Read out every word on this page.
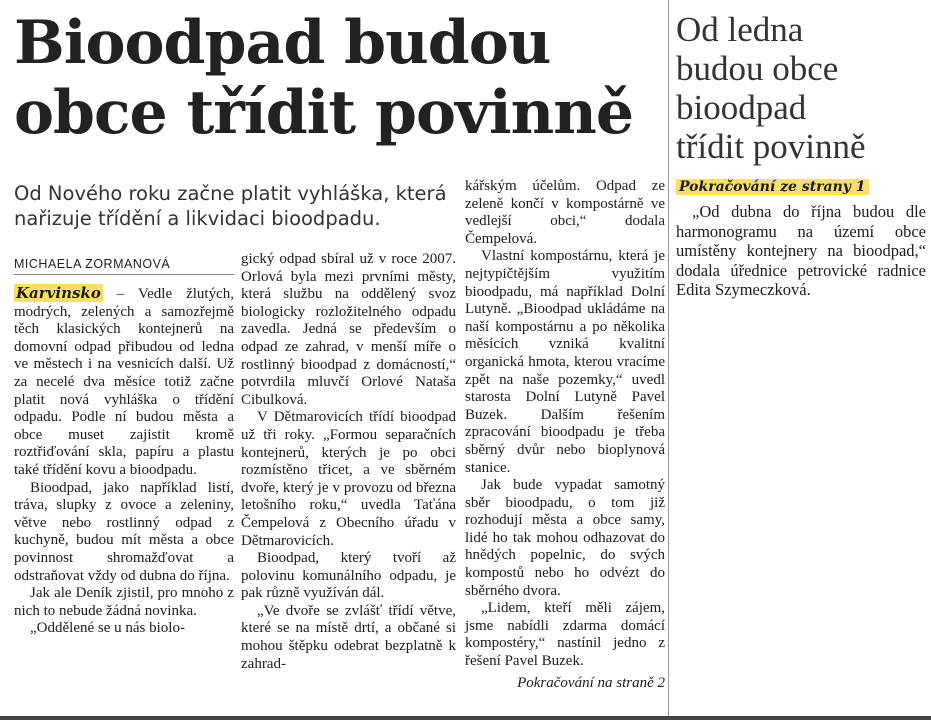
Bioodpad budou
obce třídit povinně
Od ledna
budou obce
bioodpad
třídit povinně
Od Nového roku začne platit vyhláška, která nařizuje třídění a likvidaci bioodpadu.
MICHAELA ZORMANOVÁ

Karvinsko – Vedle žlutých, modrých, zelených a samozřejmě těch klasických kontejnerů na domovní odpad přibudou od ledna ve městech i na vesnicích další. Už za necelé dva měsíce totiž začne platit nová vyhláška o třídění odpadu. Podle ní budou města a obce muset zajistit kromě roztřiďování skla, papíru a plastu také třídění kovu a bioodpadu.

Bioodpad, jako například listí, tráva, slupky z ovoce a zeleniny, větve nebo rostlinný odpad z kuchyně, budou mít města a obce povinnost shromažďovat a odstraňovat vždy od dubna do října.

Jak ale Deník zjistil, pro mnoho z nich to nebude žádná novinka.

„Oddělené se u nás biolo-

gický odpad sbíral už v roce 2007. Orlová byla mezi prvními městy, která službu na oddělený svoz biologicky rozložitelného odpadu zavedla. Jedná se především o odpad ze zahrad, v menší míře o rostlinný bioodpad z domácností,“ potvrdila mluvčí Orlové Nataša Cibulková.

V Dětmarovicích třídí bioodpad už tři roky. „Formou separačních kontejnerů, kterých je po obci rozmístěno třicet, a ve sběrném dvoře, který je v provozu od března letošního roku,“ uvedla Taťána Čempelová z Obecního úřadu v Dětmarovicích.

Bioodpad, který tvoří až polovinu komunálního odpadu, je pak různě využíván dál.

„Ve dvoře se zvlášť třídí větve, které se na místě drtí, a občané si mohou štěpku odebrat bezplatně k zahrad-

kářským účelům. Odpad ze zeleně končí v kompostárně ve vedlejší obci,“ dodala Čempelová.

Vlastní kompostárnu, která je nejtypičtějším využitím bioodpadu, má například Dolní Lutyně. „Bioodpad ukládáme na naší kompostárnu a po několika měsících vzniká kvalitní organická hmota, kterou vracíme zpět na naše pozemky,“ uvedl starosta Dolní Lutyně Pavel Buzek. Dalším řešením zpracování bioodpadu je třeba sběrný dvůr nebo bioplynová stanice.

Jak bude vypadat samotný sběr bioodpadu, o tom již rozhodují města a obce samy, lidé ho tak mohou odhazovat do hnědých popelnic, do svých kompostů nebo ho odvézt do sběrného dvora.

„Lidem, kteří měli zájem, jsme nabídli zdarma domácí kompostéry,“ nastínil jedno z řešení Pavel Buzek.

Pokračování na straně 2
Pokračování ze strany 1

„Od dubna do října budou dle harmonogramu na území obce umístěny kontejnery na bioodpad,“ dodala úřednice petrovické radnice Edita Szymeczková.
